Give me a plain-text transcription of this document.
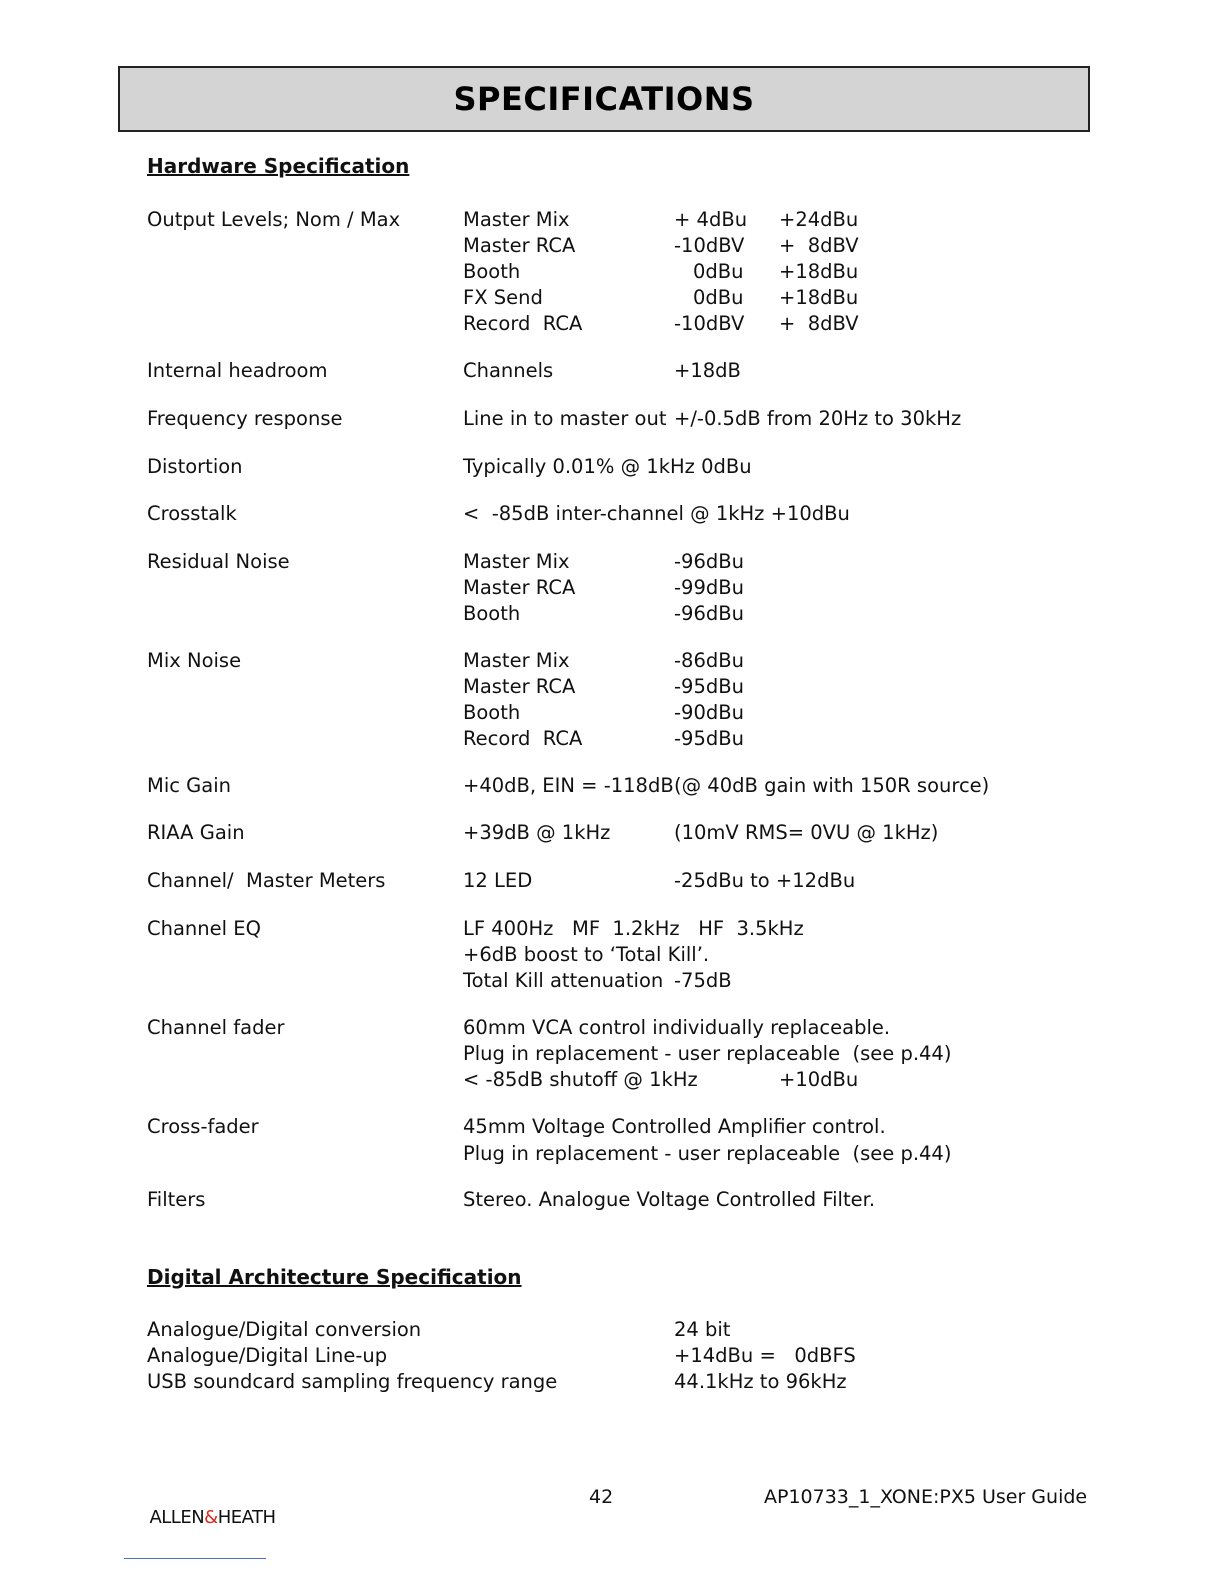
SPECIFICATIONS
Hardware Specification
Output Levels; Nom / Max	Master Mix	+ 4dBu +24dBu
Master RCA	-10dBV +  8dBV
Booth	0dBu +18dBu
FX Send	0dBu +18dBu
Record  RCA	-10dBV +  8dBV
Internal headroom	Channels	+18dB
Frequency response	Line in to master out +/-0.5dB from 20Hz to 30kHz
Distortion	Typically 0.01% @ 1kHz 0dBu
Crosstalk	<  -85dB inter-channel @ 1kHz +10dBu
Residual Noise	Master Mix	-96dBu
Master RCA	-99dBu
Booth	-96dBu
Mix Noise	Master Mix	-86dBu
Master RCA	-95dBu
Booth	-90dBu
Record  RCA	-95dBu
Mic Gain	+40dB, EIN = -118dB (@ 40dB gain with 150R source)
RIAA Gain	+39dB @ 1kHz	(10mV RMS= 0VU @ 1kHz)
Channel/  Master Meters	12 LED	-25dBu to +12dBu
Channel EQ	LF 400Hz   MF  1.2kHz   HF  3.5kHz
+6dB boost to ‘Total Kill’.
Total Kill attenuation -75dB
Channel fader	60mm VCA control individually replaceable.
Plug in replacement - user replaceable  (see p.44)
< -85dB shutoff @ 1kHz	+10dBu
Cross-fader	45mm Voltage Controlled Amplifier control.
Plug in replacement - user replaceable  (see p.44)
Filters	Stereo. Analogue Voltage Controlled Filter.
Digital Architecture Specification
Analogue/Digital conversion	24 bit
Analogue/Digital Line-up	+14dBu =   0dBFS
USB soundcard sampling frequency range	44.1kHz to 96kHz

ALLEN&HEATH

42	AP10733_1_XONE:PX5 User Guide
